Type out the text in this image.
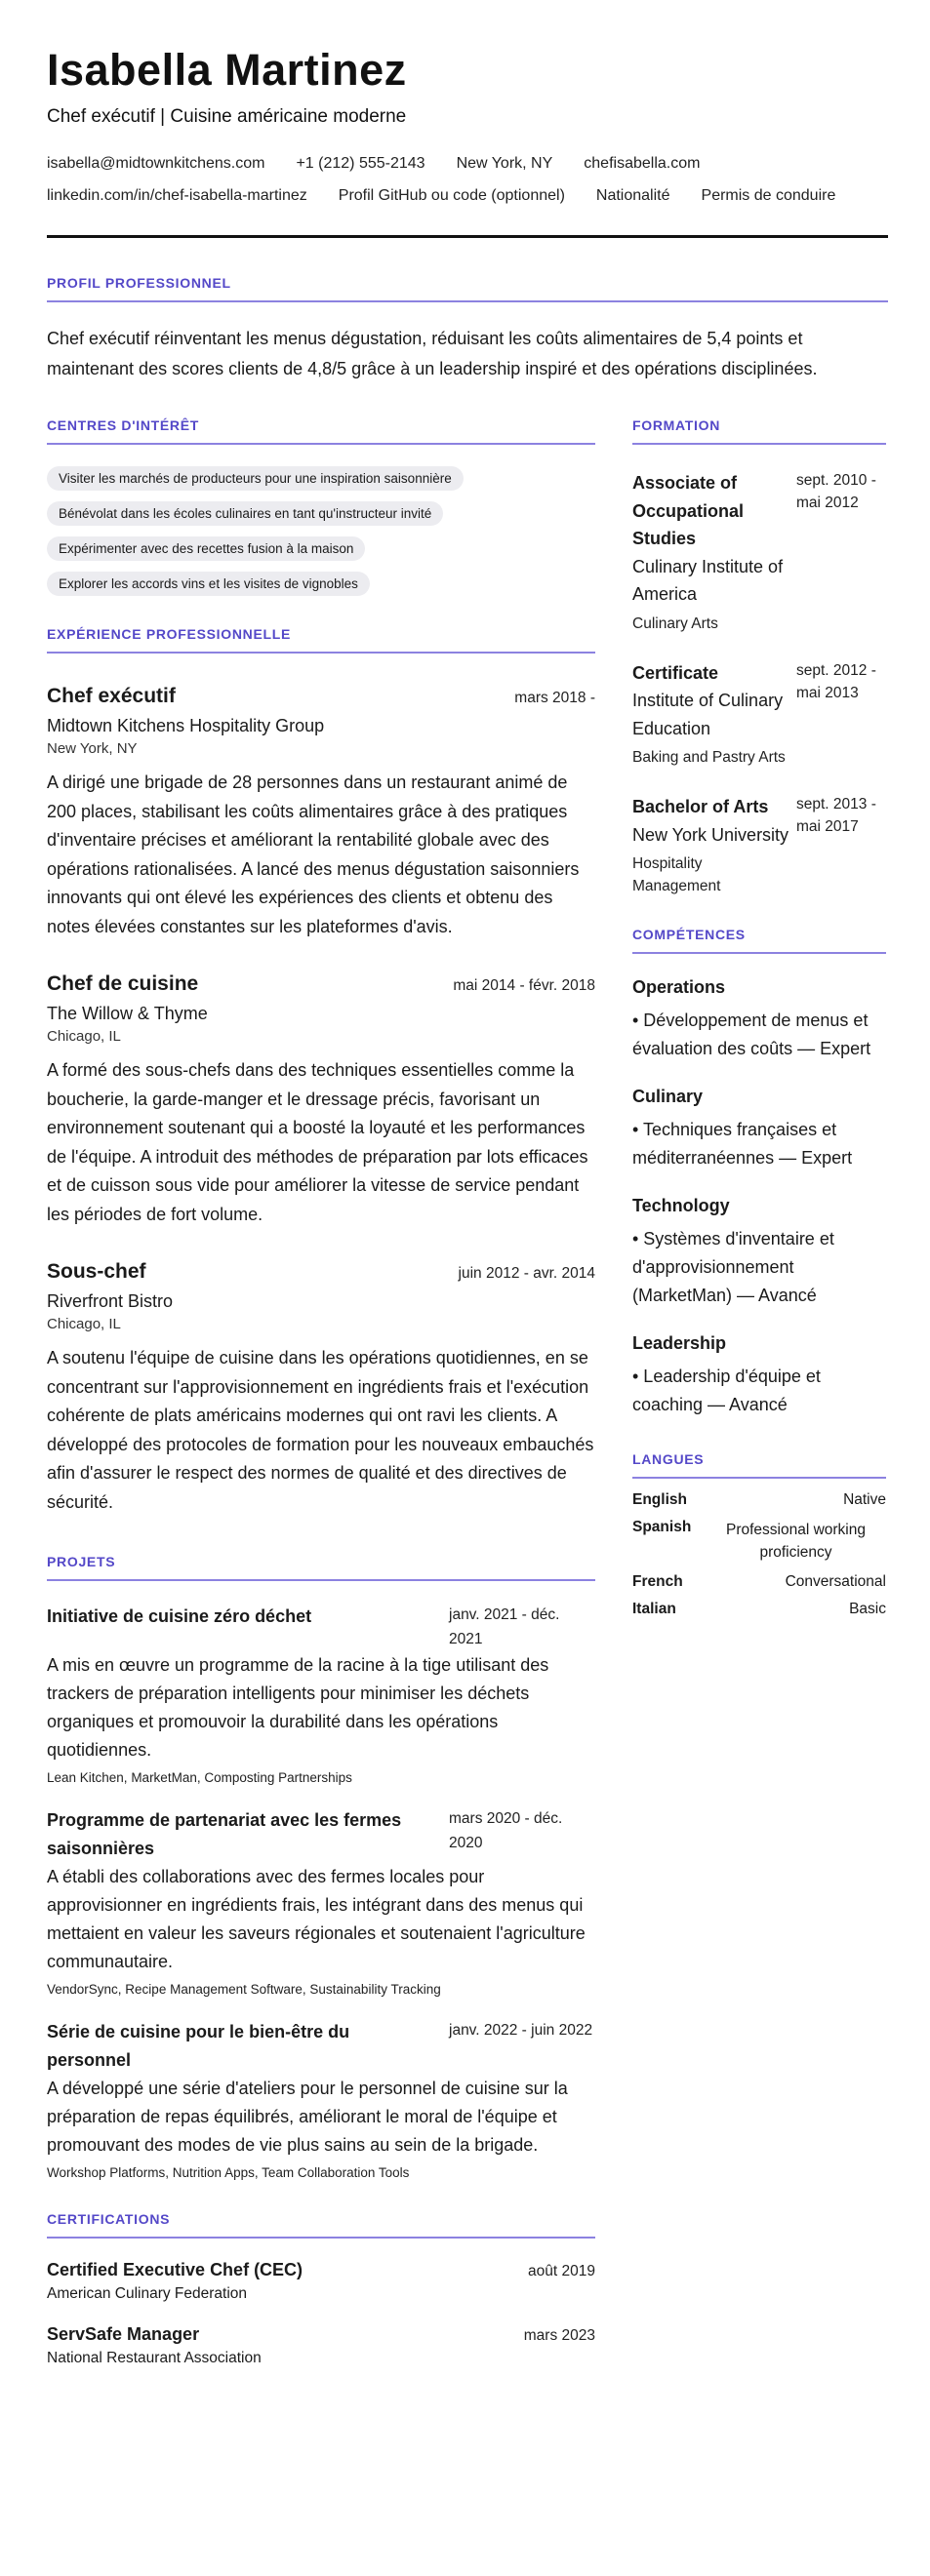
Isabella Martinez
Chef exécutif | Cuisine américaine moderne
isabella@midtownkitchens.com +1 (212) 555-2143 New York, NY chefisabella.com
linkedin.com/in/chef-isabella-martinez Profil GitHub ou code (optionnel) Nationalité Permis de conduire
PROFIL PROFESSIONNEL

Chef exécutif réinventant les menus dégustation, réduisant les coûts alimentaires de 5,4 points et maintenant des scores clients de 4,8/5 grâce à un leadership inspiré et des opérations disciplinées.

CENTRES D'INTÉRÊT
Visiter les marchés de producteurs pour une inspiration saisonnière
Bénévolat dans les écoles culinaires en tant qu'instructeur invité
Expérimenter avec des recettes fusion à la maison
Explorer les accords vins et les visites de vignobles
EXPÉRIENCE PROFESSIONNELLE
Chef exécutif	mars 2018 -
Midtown Kitchens Hospitality Group
New York, NY
A dirigé une brigade de 28 personnes dans un restaurant animé de 200 places, stabilisant les coûts alimentaires grâce à des pratiques d'inventaire précises et améliorant la rentabilité globale avec des opérations rationalisées. A lancé des menus dégustation saisonniers innovants qui ont élevé les expériences des clients et obtenu des notes élevées constantes sur les plateformes d'avis.
Chef de cuisine	mai 2014 - févr. 2018
The Willow & Thyme
Chicago, IL
A formé des sous-chefs dans des techniques essentielles comme la boucherie, la garde-manger et le dressage précis, favorisant un environnement soutenant qui a boosté la loyauté et les performances de l'équipe. A introduit des méthodes de préparation par lots efficaces et de cuisson sous vide pour améliorer la vitesse de service pendant les périodes de fort volume.
Sous-chef	juin 2012 - avr. 2014
Riverfront Bistro
Chicago, IL
A soutenu l'équipe de cuisine dans les opérations quotidiennes, en se concentrant sur l'approvisionnement en ingrédients frais et l'exécution cohérente de plats américains modernes qui ont ravi les clients. A développé des protocoles de formation pour les nouveaux embauchés afin d'assurer le respect des normes de qualité et des directives de sécurité.
PROJETS
Initiative de cuisine zéro déchet	janv. 2021 - déc. 2021
A mis en œuvre un programme de la racine à la tige utilisant des trackers de préparation intelligents pour minimiser les déchets organiques et promouvoir la durabilité dans les opérations quotidiennes.
Lean Kitchen, MarketMan, Composting Partnerships
Programme de partenariat avec les fermes saisonnières
mars 2020 - déc. 2020
A établi des collaborations avec des fermes locales pour approvisionner en ingrédients frais, les intégrant dans des menus qui mettaient en valeur les saveurs régionales et soutenaient l'agriculture communautaire.
VendorSync, Recipe Management Software, Sustainability Tracking
Série de cuisine pour le bien-être du personnel
janv. 2022 - juin 2022
A développé une série d'ateliers pour le personnel de cuisine sur la préparation de repas équilibrés, améliorant le moral de l'équipe et promouvant des modes de vie plus sains au sein de la brigade.
Workshop Platforms, Nutrition Apps, Team Collaboration Tools
CERTIFICATIONS
Certified Executive Chef (CEC)	août 2019
American Culinary Federation
ServSafe Manager	mars 2023
National Restaurant Association
FORMATION
Associate of Occupational Studies
Culinary Institute of America
Culinary Arts
sept. 2010 - mai 2012
Certificate
Institute of Culinary Education
Baking and Pastry Arts
sept. 2012 - mai 2013
Bachelor of Arts
New York University
Hospitality Management
sept. 2013 - mai 2017
COMPÉTENCES
Operations
• Développement de menus et évaluation des coûts — Expert
Culinary
• Techniques françaises et méditerranéennes — Expert
Technology
• Systèmes d'inventaire et d'approvisionnement (MarketMan) — Avancé
Leadership
• Leadership d'équipe et coaching — Avancé
LANGUES
English	Native
Spanish	Professional working proficiency
French	Conversational
Italian	Basic
